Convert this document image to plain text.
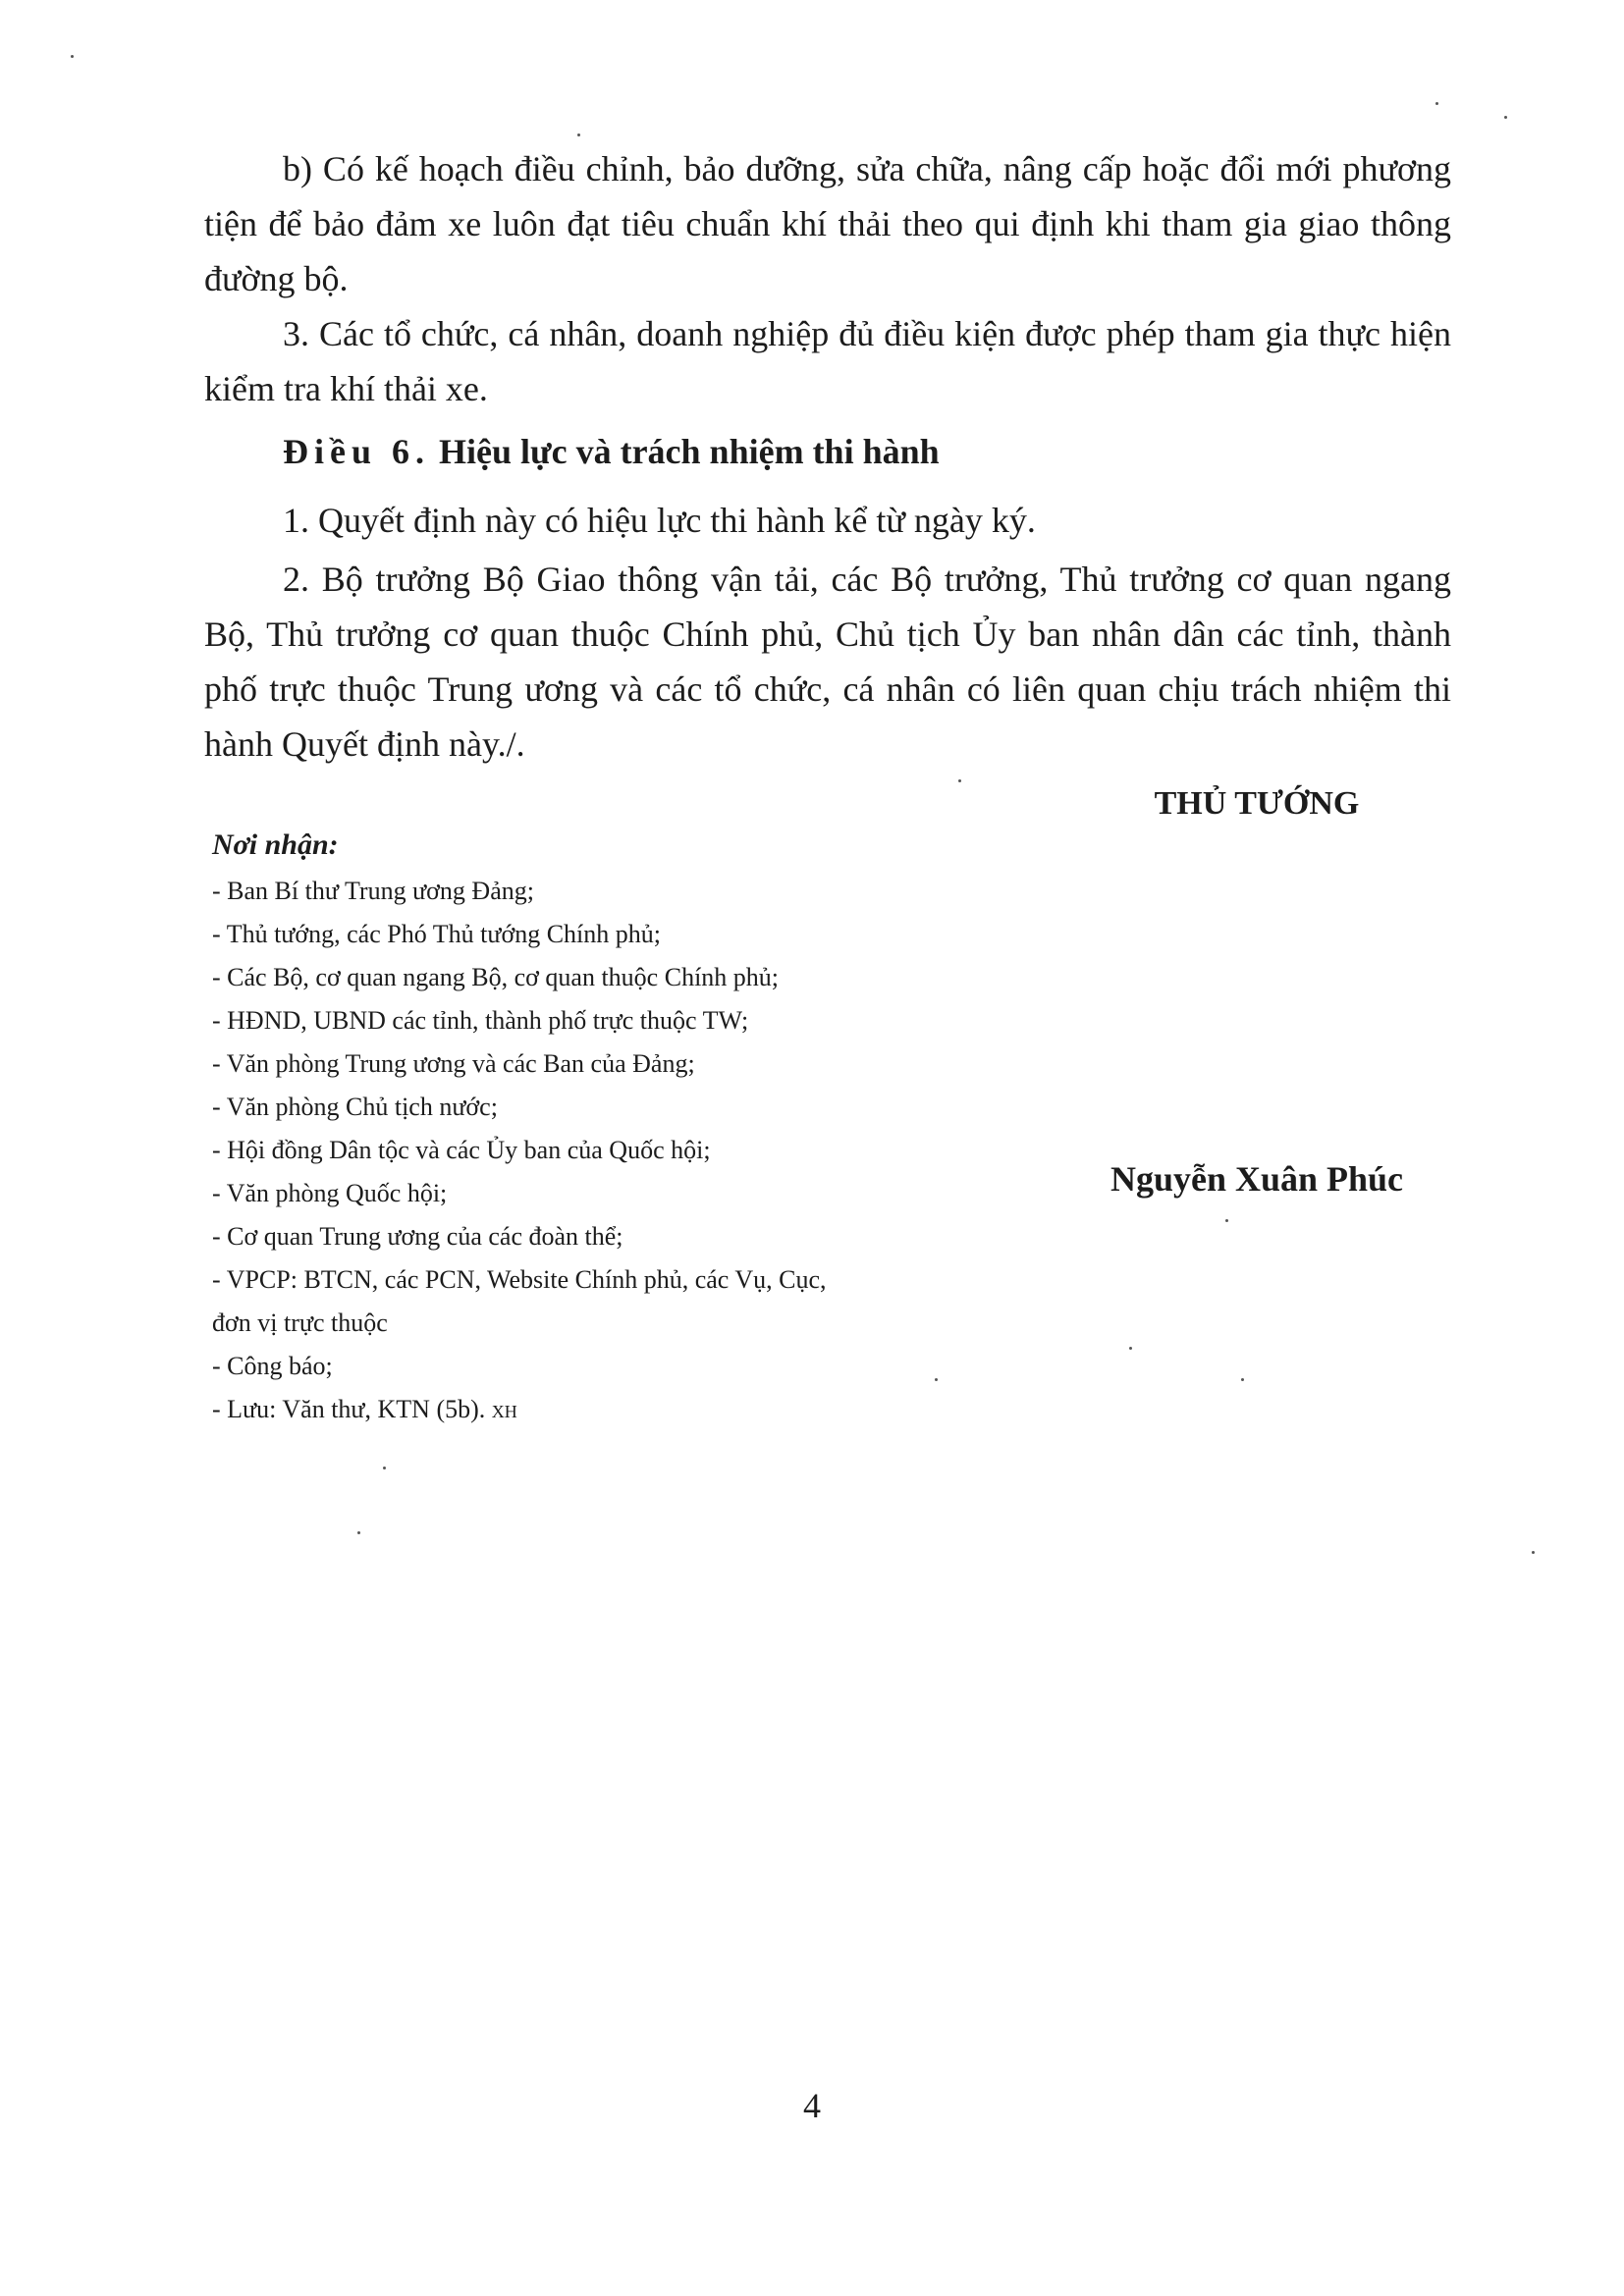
b) Có kế hoạch điều chỉnh, bảo dưỡng, sửa chữa, nâng cấp hoặc đổi mới phương tiện để bảo đảm xe luôn đạt tiêu chuẩn khí thải theo qui định khi tham gia giao thông đường bộ.

3. Các tổ chức, cá nhân, doanh nghiệp đủ điều kiện được phép tham gia thực hiện kiểm tra khí thải xe.

Điều 6. Hiệu lực và trách nhiệm thi hành

1. Quyết định này có hiệu lực thi hành kể từ ngày ký.

2. Bộ trưởng Bộ Giao thông vận tải, các Bộ trưởng, Thủ trưởng cơ quan ngang Bộ, Thủ trưởng cơ quan thuộc Chính phủ, Chủ tịch Ủy ban nhân dân các tỉnh, thành phố trực thuộc Trung ương và các tổ chức, cá nhân có liên quan chịu trách nhiệm thi hành Quyết định này./.

THỦ TƯỚNG

Nơi nhận:
- Ban Bí thư Trung ương Đảng;
- Thủ tướng, các Phó Thủ tướng Chính phủ;
- Các Bộ, cơ quan ngang Bộ, cơ quan thuộc Chính phủ;
- HĐND, UBND các tỉnh, thành phố trực thuộc TW;
- Văn phòng Trung ương và các Ban của Đảng;
- Văn phòng Chủ tịch nước;
- Hội đồng Dân tộc và các Ủy ban của Quốc hội;
- Văn phòng Quốc hội;
- Cơ quan Trung ương của các đoàn thể;
- VPCP: BTCN, các PCN, Website Chính phủ, các Vụ, Cục,
đơn vị trực thuộc
- Công báo;
- Lưu: Văn thư, KTN (5b). XH

Nguyễn Xuân Phúc

4
